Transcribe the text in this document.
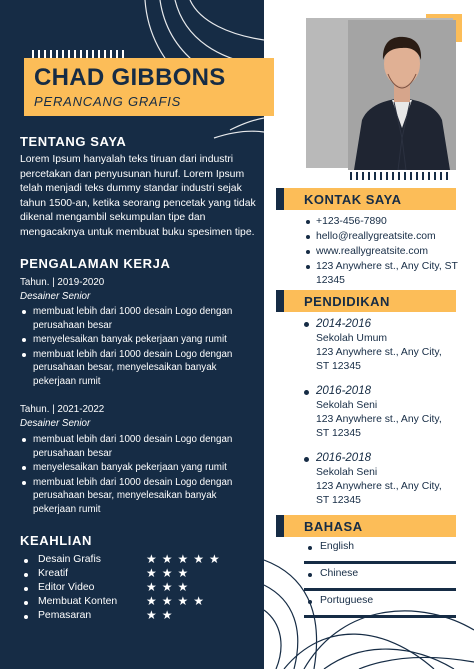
CHAD GIBBONS
PERANCANG GRAFIS
TENTANG SAYA
Lorem Ipsum hanyalah teks tiruan dari industri percetakan dan penyusunan huruf. Lorem Ipsum telah menjadi teks dummy standar industri sejak tahun 1500-an, ketika seorang pencetak yang tidak dikenal mengambil sekumpulan tipe dan mengacaknya untuk membuat buku spesimen tipe.
PENGALAMAN KERJA
Tahun. | 2019-2020
Desainer Senior
membuat lebih dari 1000 desain Logo dengan perusahaan besar
menyelesaikan banyak pekerjaan yang rumit
membuat lebih dari 1000 desain Logo dengan perusahaan besar, menyelesaikan banyak pekerjaan rumit
Tahun. | 2021-2022
Desainer Senior
membuat lebih dari 1000 desain Logo dengan perusahaan besar
menyelesaikan banyak pekerjaan yang rumit
membuat lebih dari 1000 desain Logo dengan perusahaan besar, menyelesaikan banyak pekerjaan rumit
KEAHLIAN
Desain Grafis	★★★★★
Kreatif	★★★
Editor Video	★★★
Membuat Konten ★★★★
Pemasaran	★★
KONTAK SAYA
+123-456-7890
hello@reallygreatsite.com
www.reallygreatsite.com
123 Anywhere st., Any City, ST 12345
PENDIDIKAN
2014-2016
Sekolah Umum
123 Anywhere st., Any City, ST 12345
2016-2018
Sekolah Seni
123 Anywhere st., Any City, ST 12345
2016-2018
Sekolah Seni
123 Anywhere st., Any City, ST 12345
BAHASA
English
Chinese
Portuguese
